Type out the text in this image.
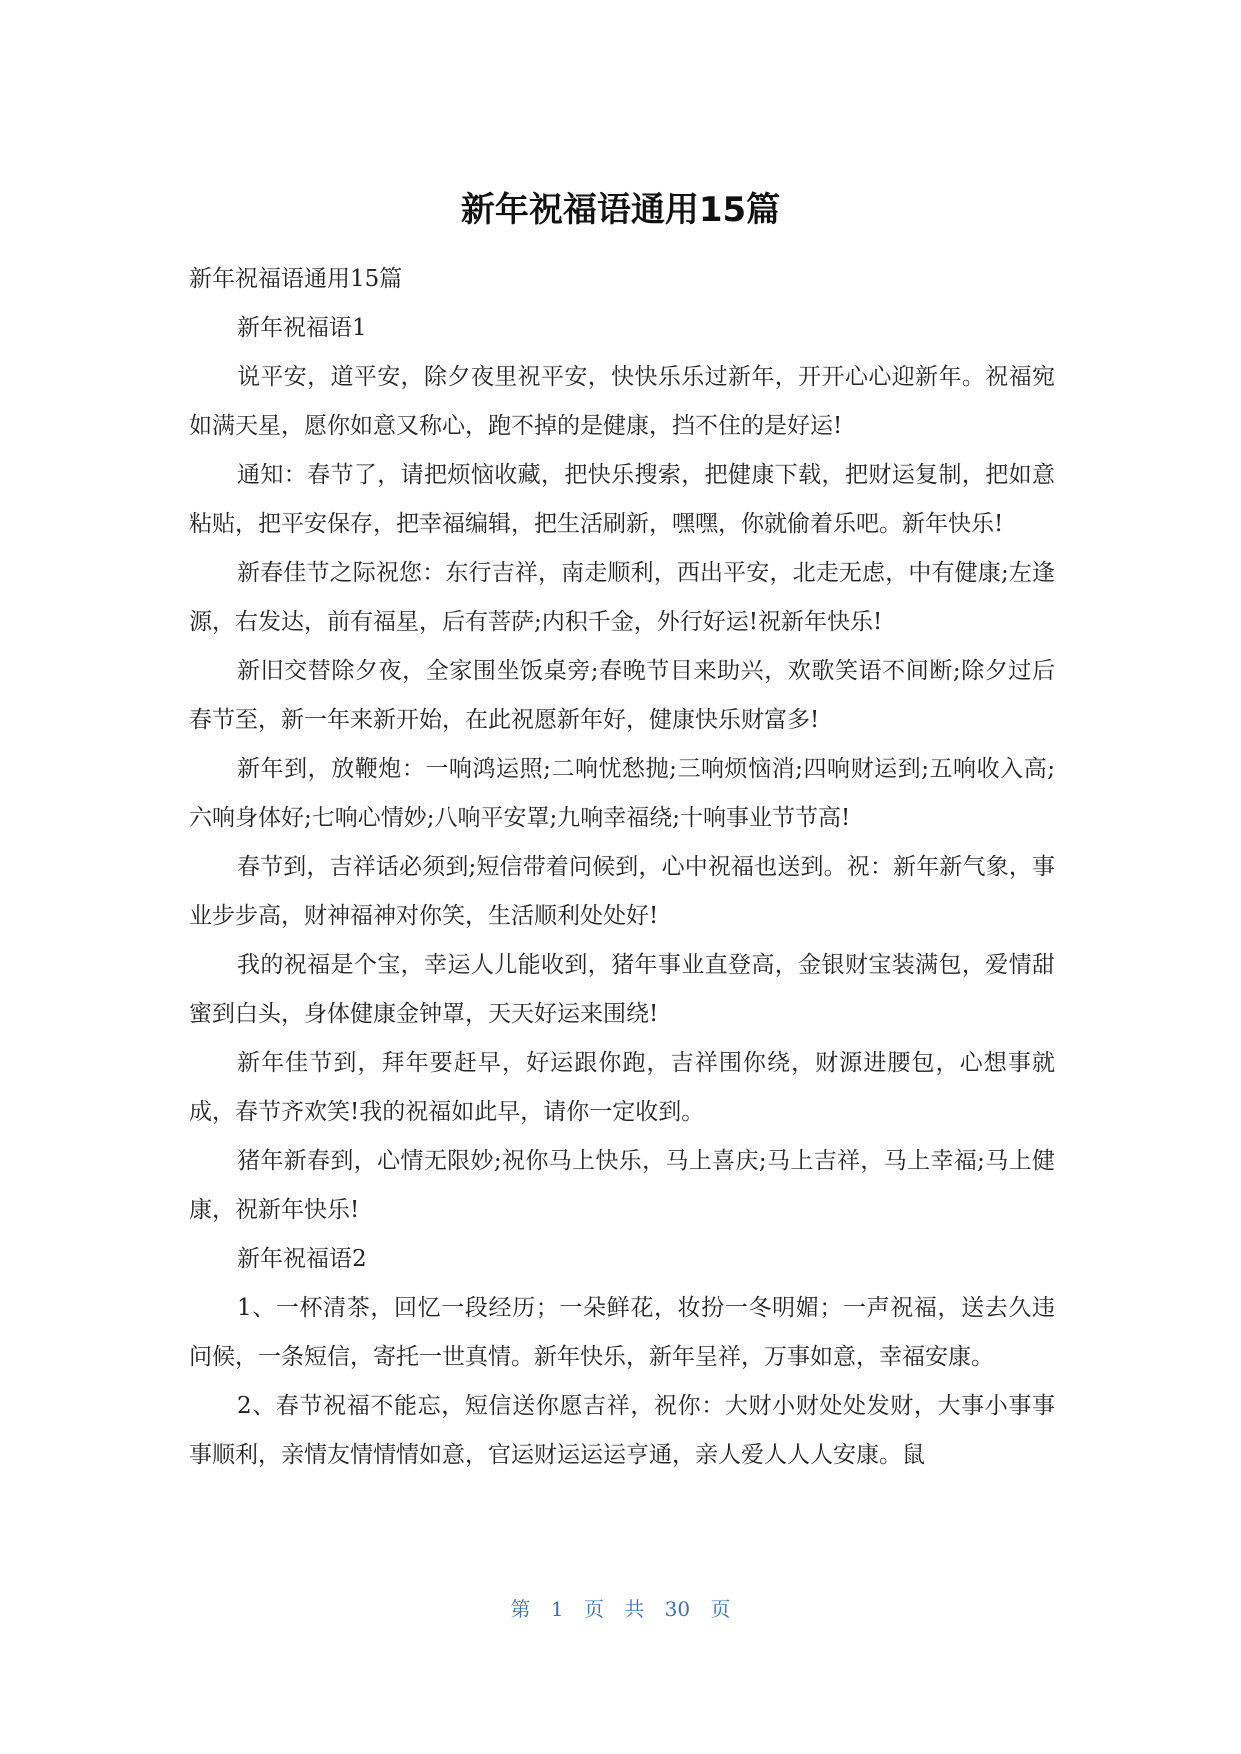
新年祝福语通用15篇

新年祝福语通用15篇

新年祝福语1

说平安，道平安，除夕夜里祝平安，快快乐乐过新年，开开心心迎新年。祝福宛如满天星，愿你如意又称心，跑不掉的是健康，挡不住的是好运!

通知：春节了，请把烦恼收藏，把快乐搜索，把健康下载，把财运复制，把如意粘贴，把平安保存，把幸福编辑，把生活刷新，嘿嘿，你就偷着乐吧。新年快乐!

新春佳节之际祝您：东行吉祥，南走顺利，西出平安，北走无虑，中有健康;左逢源，右发达，前有福星，后有菩萨;内积千金，外行好运!祝新年快乐!

新旧交替除夕夜，全家围坐饭桌旁;春晚节目来助兴，欢歌笑语不间断;除夕过后春节至，新一年来新开始，在此祝愿新年好，健康快乐财富多!

新年到，放鞭炮：一响鸿运照;二响忧愁抛;三响烦恼消;四响财运到;五响收入高;六响身体好;七响心情妙;八响平安罩;九响幸福绕;十响事业节节高!

春节到，吉祥话必须到;短信带着问候到，心中祝福也送到。祝：新年新气象，事业步步高，财神福神对你笑，生活顺利处处好!

我的祝福是个宝，幸运人儿能收到，猪年事业直登高，金银财宝装满包，爱情甜蜜到白头，身体健康金钟罩，天天好运来围绕!

新年佳节到，拜年要赶早，好运跟你跑，吉祥围你绕，财源进腰包，心想事就成，春节齐欢笑!我的祝福如此早，请你一定收到。

猪年新春到，心情无限妙;祝你马上快乐，马上喜庆;马上吉祥，马上幸福;马上健康，祝新年快乐!

新年祝福语2

1、一杯清茶，回忆一段经历；一朵鲜花，妆扮一冬明媚；一声祝福，送去久违问候，一条短信，寄托一世真情。新年快乐，新年呈祥，万事如意，幸福安康。

2、春节祝福不能忘，短信送你愿吉祥，祝你：大财小财处处发财，大事小事事事顺利，亲情友情情情如意，官运财运运运亨通，亲人爱人人人安康。鼠

第 1 页 共 30 页
